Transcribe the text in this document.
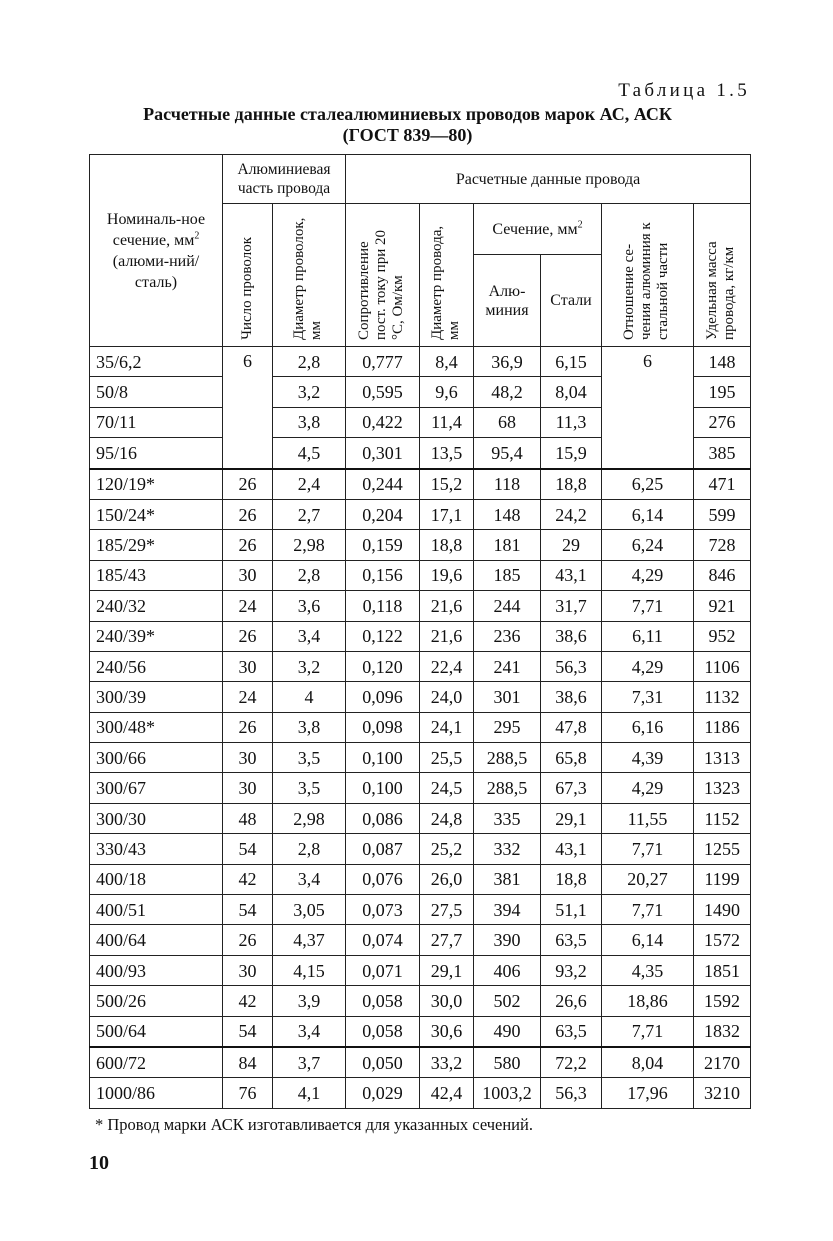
Таблица 1.5
Расчетные данные сталеалюминиевых проводов марок АС, АСК
(ГОСТ 839—80)
Номиналь-ное сечение, $мм^2$ (алюми-ний/сталь)	Алюминиевая часть провода		Расчетные данные провода					

	Число проволок	Диаметр проволок, мм	Сопротивление пост. току при 20 °С, Ом/км	Диаметр провода, мм	Сечение, $мм^2$		Отношение се-чения алюминия к стальной части	Удельная масса провода, кг/км

					Алю-миния	Стали		
35/6,2	6	2,8	0,777	8,4	36,9	6,15	6	148
50/8		3,2	0,595	9,6	48,2	8,04		195
70/11		3,8	0,422	11,4	68	11,3		276
95/16		4,5	0,301	13,5	95,4	15,9		385
120/19*	26	2,4	0,244	15,2	118	18,8	6,25	471
150/24*	26	2,7	0,204	17,1	148	24,2	6,14	599
185/29*	26	2,98	0,159	18,8	181	29	6,24	728
185/43	30	2,8	0,156	19,6	185	43,1	4,29	846
240/32	24	3,6	0,118	21,6	244	31,7	7,71	921
240/39*	26	3,4	0,122	21,6	236	38,6	6,11	952
240/56	30	3,2	0,120	22,4	241	56,3	4,29	1106
300/39	24	4	0,096	24,0	301	38,6	7,31	1132
300/48*	26	3,8	0,098	24,1	295	47,8	6,16	1186
300/66	30	3,5	0,100	25,5	288,5	65,8	4,39	1313
300/67	30	3,5	0,100	24,5	288,5	67,3	4,29	1323
300/30	48	2,98	0,086	24,8	335	29,1	11,55	1152
330/43	54	2,8	0,087	25,2	332	43,1	7,71	1255
400/18	42	3,4	0,076	26,0	381	18,8	20,27	1199
400/51	54	3,05	0,073	27,5	394	51,1	7,71	1490
400/64	26	4,37	0,074	27,7	390	63,5	6,14	1572
400/93	30	4,15	0,071	29,1	406	93,2	4,35	1851
500/26	42	3,9	0,058	30,0	502	26,6	18,86	1592
500/64	54	3,4	0,058	30,6	490	63,5	7,71	1832
600/72	84	3,7	0,050	33,2	580	72,2	8,04	2170
1000/86	76	4,1	0,029	42,4	1003,2	56,3	17,96	3210
* Провод марки АСК изготавливается для указанных сечений.
10
